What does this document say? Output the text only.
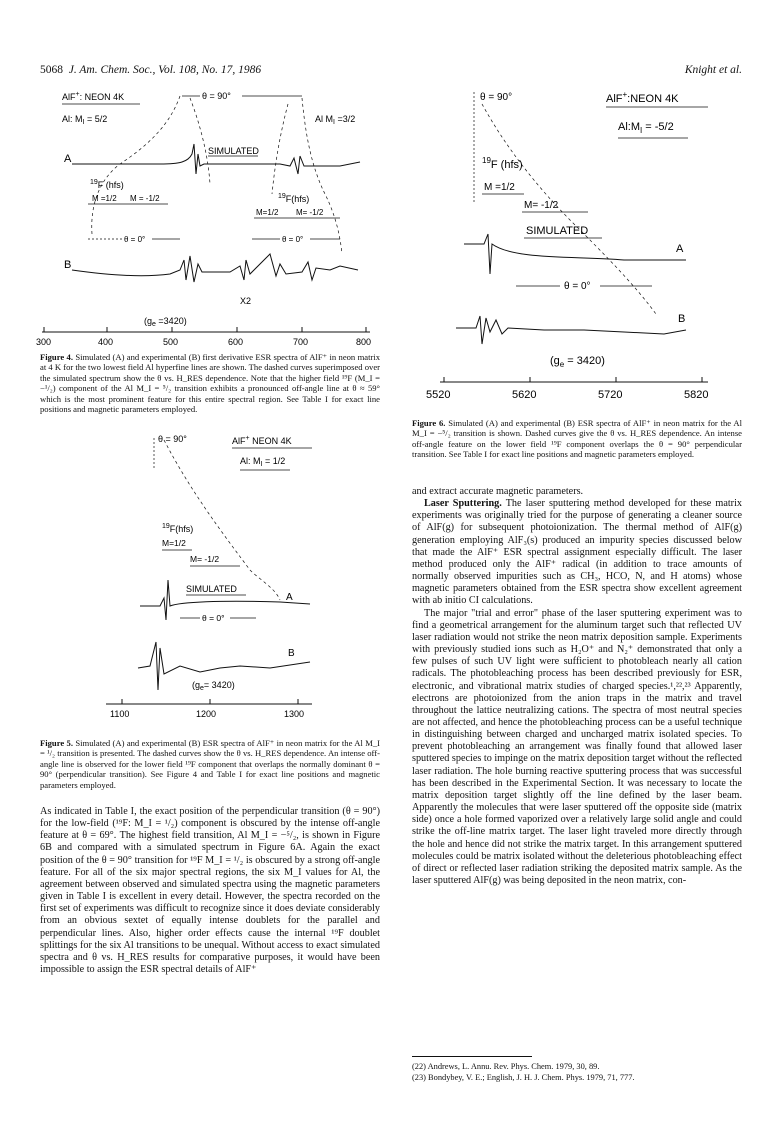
5068 J. Am. Chem. Soc., Vol. 108, No. 17, 1986	Knight et al.
AlF+: NEON 4K
Al: $M_I = 5/2$
θ = 90°
Al $M_I =3/2$
A
SIMULATED
$^{19}$F (hfs)
M =1/2 M = -1/2	$^{19}$F(hfs)
M=1/2 M= -1/2
θ = 0°	θ = 0°
B
X2
$(g_e =3420)$
300	400	500	600	700	800
Figure 4. Simulated (A) and experimental (B) first derivative ESR spectra of AlF⁺ in neon matrix at 4 K for the two lowest field Al hyperfine lines are shown. The dashed curves superimposed over the simulated spectrum show the θ vs. H_RES dependence. Note that the higher field ¹⁹F (M_I = −¹/₂) component of the Al M_I = ⁵/₂ transition exhibits a pronounced off-angle line at θ ≈ 59° which is the most prominent feature for this entire spectral region. See Table I for exact line positions and magnetic parameters employed.
θ = 90°	AlF+ NEON 4K
Al: $M_I = 1/2$
$^{19}$F(hfs)
M=1/2
M= -1/2
SIMULATED
A
θ = 0°
B
$(g_e= 3420)$
1100	1200	1300
Figure 5. Simulated (A) and experimental (B) ESR spectra of AlF⁺ in neon matrix for the Al M_I = ¹/₂ transition is presented. The dashed curves show the θ vs. H_RES dependence. An intense off-angle line is observed for the lower field ¹⁹F component that overlaps the normally dominant θ = 90° (perpendicular transition). See Figure 4 and Table I for exact line positions and magnetic parameters employed.

As indicated in Table I, the exact position of the perpendicular transition (θ = 90°) for the low-field (¹⁹F: M_I = ¹/₂) component is obscured by the intense off-angle feature at θ = 69°. The highest field transition, Al M_I = −⁵/₂, is shown in Figure 6B and compared with a simulated spectrum in Figure 6A. Again the exact position of the θ = 90° transition for ¹⁹F M_I = ¹/₂ is obscured by a strong off-angle feature. For all of the six major spectral regions, the six M_I values for Al, the agreement between observed and simulated spectra using the magnetic parameters given in Table I is excellent in every detail. However, the spectra recorded on the first set of experiments was difficult to recognize since it does deviate considerably from an obvious sextet of equally intense doublets for the parallel and perpendicular lines. Also, higher order effects cause the internal ¹⁹F doublet splittings for the six Al transitions to be unequal. Without access to exact simulated spectra and θ vs. H_RES results for comparative purposes, it would have been impossible to assign the ESR spectral details of AlF⁺

θ = 90°	AlF+:NEON 4K
$Al:M_I = -5/2$
$^{19}$F (hfs)
M =1/2
M= -1/2
SIMULATED
A
θ = 0°
B
$(g_e = 3420)$
5520	5620	5720	5820
Figure 6. Simulated (A) and experimental (B) ESR spectra of AlF⁺ in neon matrix for the Al M_I = −⁵/₂ transition is shown. Dashed curves give the θ vs. H_RES dependence. An intense off-angle feature on the lower field ¹⁹F component overlaps the θ = 90° perpendicular transition. See Table I for exact line positions and magnetic parameters employed.

and extract accurate magnetic parameters.

Laser Sputtering. The laser sputtering method developed for these matrix experiments was originally tried for the purpose of generating a cleaner source of AlF(g) for subsequent photoionization. The thermal method of AlF(g) generation employing AlF₃(s) produced an impurity species discussed below that made the AlF⁺ ESR spectral assignment especially difficult. The laser method produced only the AlF⁺ radical (in addition to trace amounts of normally observed impurities such as CH₃, HCO, N, and H atoms) whose magnetic parameters obtained from the ESR spectra show excellent agreement with ab initio CI calculations.

The major "trial and error" phase of the laser sputtering experiment was to find a geometrical arrangement for the aluminum target such that reflected UV laser radiation would not strike the neon matrix deposition sample. Experiments with previously studied ions such as H₂O⁺ and N₂⁺ demonstrated that only a few pulses of such UV light were sufficient to photobleach nearly all cation radicals. The photobleaching process has been described previously for ESR, electronic, and vibrational matrix studies of charged species.¹,²²,²³ Apparently, electrons are photoionized from the anion traps in the matrix and travel throughout the lattice neutralizing cations. The spectra of most neutral species are not affected, and hence the photobleaching process can be a useful technique in distinguishing between charged and uncharged matrix isolated species. To prevent photobleaching an arrangement was finally found that allowed laser sputtered species to impinge on the matrix deposition target without the reflected laser radiation. The hole burning reactive sputtering process that was successful has been described in the Experimental Section. It was necessary to locate the matrix deposition target slightly off the line defined by the laser beam. Apparently the molecules that were laser sputtered off the opposite side (matrix side) once a hole formed vaporized over a relatively large solid angle and could strike the off-line matrix target. The laser light traveled more directly through the hole and hence did not strike the matrix target. In this arrangement sputtered molecules could be matrix isolated without the deleterious photobleaching effect of direct or reflected laser radiation striking the deposited matrix sample. As the laser sputtered AlF(g) was being deposited in the neon matrix, con-

(22) Andrews, L. Annu. Rev. Phys. Chem. 1979, 30, 89.
(23) Bondybey, V. E.; English, J. H. J. Chem. Phys. 1979, 71, 777.
